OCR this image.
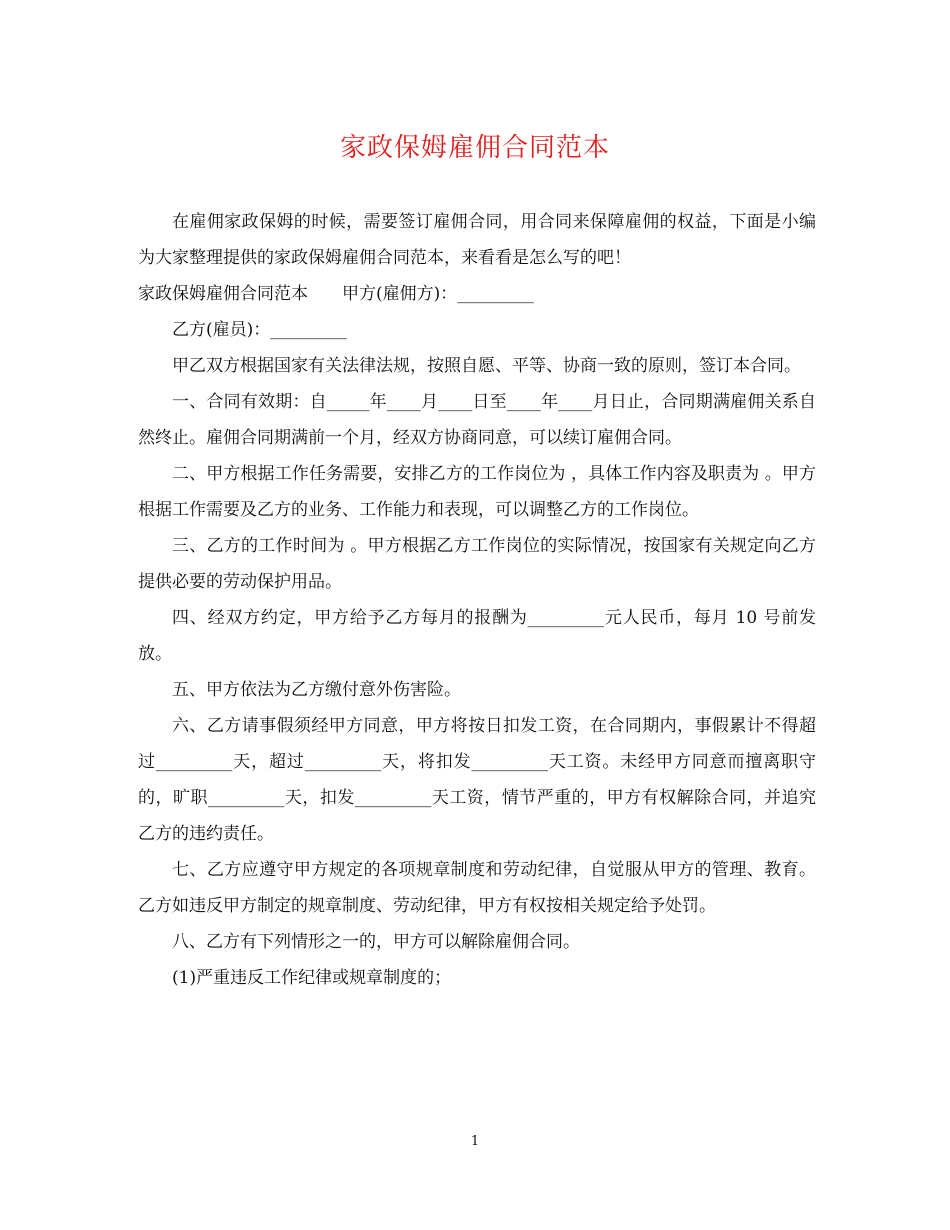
家政保姆雇佣合同范本

在雇佣家政保姆的时候，需要签订雇佣合同，用合同来保障雇佣的权益，下面是小编为大家整理提供的家政保姆雇佣合同范本，来看看是怎么写的吧！

家政保姆雇佣合同范本　　甲方(雇佣方)：_________

乙方(雇员)：_________

甲乙双方根据国家有关法律法规，按照自愿、平等、协商一致的原则，签订本合同。

一、合同有效期：自_____年____月____日至____年____月日止，合同期满雇佣关系自然终止。雇佣合同期满前一个月，经双方协商同意，可以续订雇佣合同。

二、甲方根据工作任务需要，安排乙方的工作岗位为 ，具体工作内容及职责为 。甲方根据工作需要及乙方的业务、工作能力和表现，可以调整乙方的工作岗位。

三、乙方的工作时间为 。甲方根据乙方工作岗位的实际情况，按国家有关规定向乙方提供必要的劳动保护用品。

四、经双方约定，甲方给予乙方每月的报酬为_________元人民币，每月 10 号前发放。

五、甲方依法为乙方缴付意外伤害险。

六、乙方请事假须经甲方同意，甲方将按日扣发工资，在合同期内，事假累计不得超过_________天，超过_________天，将扣发_________天工资。未经甲方同意而擅离职守的，旷职_________天，扣发_________天工资，情节严重的，甲方有权解除合同，并追究乙方的违约责任。

七、乙方应遵守甲方规定的各项规章制度和劳动纪律，自觉服从甲方的管理、教育。乙方如违反甲方制定的规章制度、劳动纪律，甲方有权按相关规定给予处罚。

八、乙方有下列情形之一的，甲方可以解除雇佣合同。

(1)严重违反工作纪律或规章制度的；

1
